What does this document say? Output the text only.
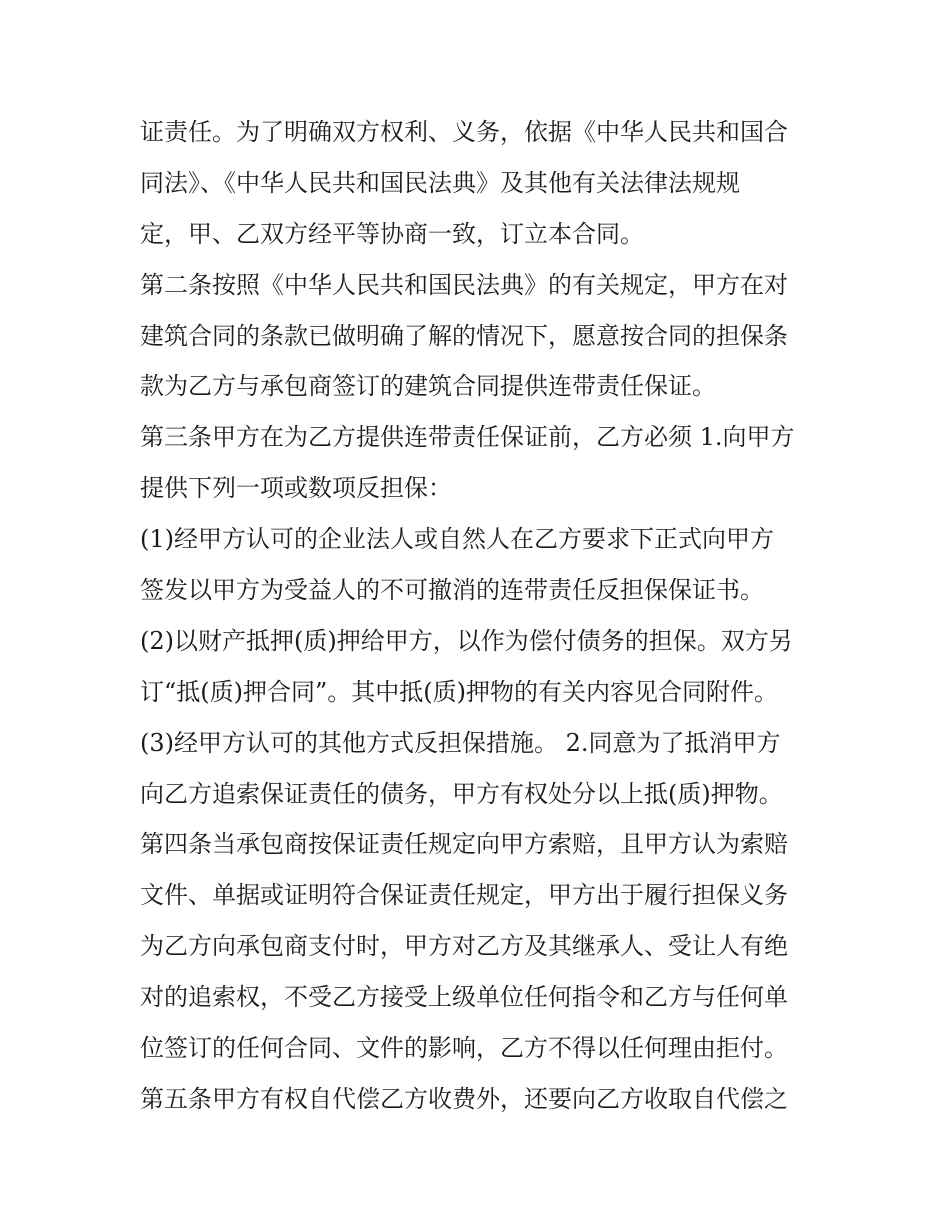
证责任。为了明确双方权利、义务，依据《中华人民共和国合
同法》、《中华人民共和国民法典》及其他有关法律法规规
定，甲、乙双方经平等协商一致，订立本合同。
第二条按照《中华人民共和国民法典》的有关规定，甲方在对
建筑合同的条款已做明确了解的情况下，愿意按合同的担保条
款为乙方与承包商签订的建筑合同提供连带责任保证。
第三条甲方在为乙方提供连带责任保证前，乙方必须 1.向甲方
提供下列一项或数项反担保：
(1)经甲方认可的企业法人或自然人在乙方要求下正式向甲方
签发以甲方为受益人的不可撤消的连带责任反担保保证书。
(2)以财产抵押(质)押给甲方，以作为偿付债务的担保。双方另
订“抵(质)押合同”。其中抵(质)押物的有关内容见合同附件。
(3)经甲方认可的其他方式反担保措施。 2.同意为了抵消甲方
向乙方追索保证责任的债务，甲方有权处分以上抵(质)押物。
第四条当承包商按保证责任规定向甲方索赔，且甲方认为索赔
文件、单据或证明符合保证责任规定，甲方出于履行担保义务
为乙方向承包商支付时，甲方对乙方及其继承人、受让人有绝
对的追索权，不受乙方接受上级单位任何指令和乙方与任何单
位签订的任何合同、文件的影响，乙方不得以任何理由拒付。
第五条甲方有权自代偿乙方收费外，还要向乙方收取自代偿之
